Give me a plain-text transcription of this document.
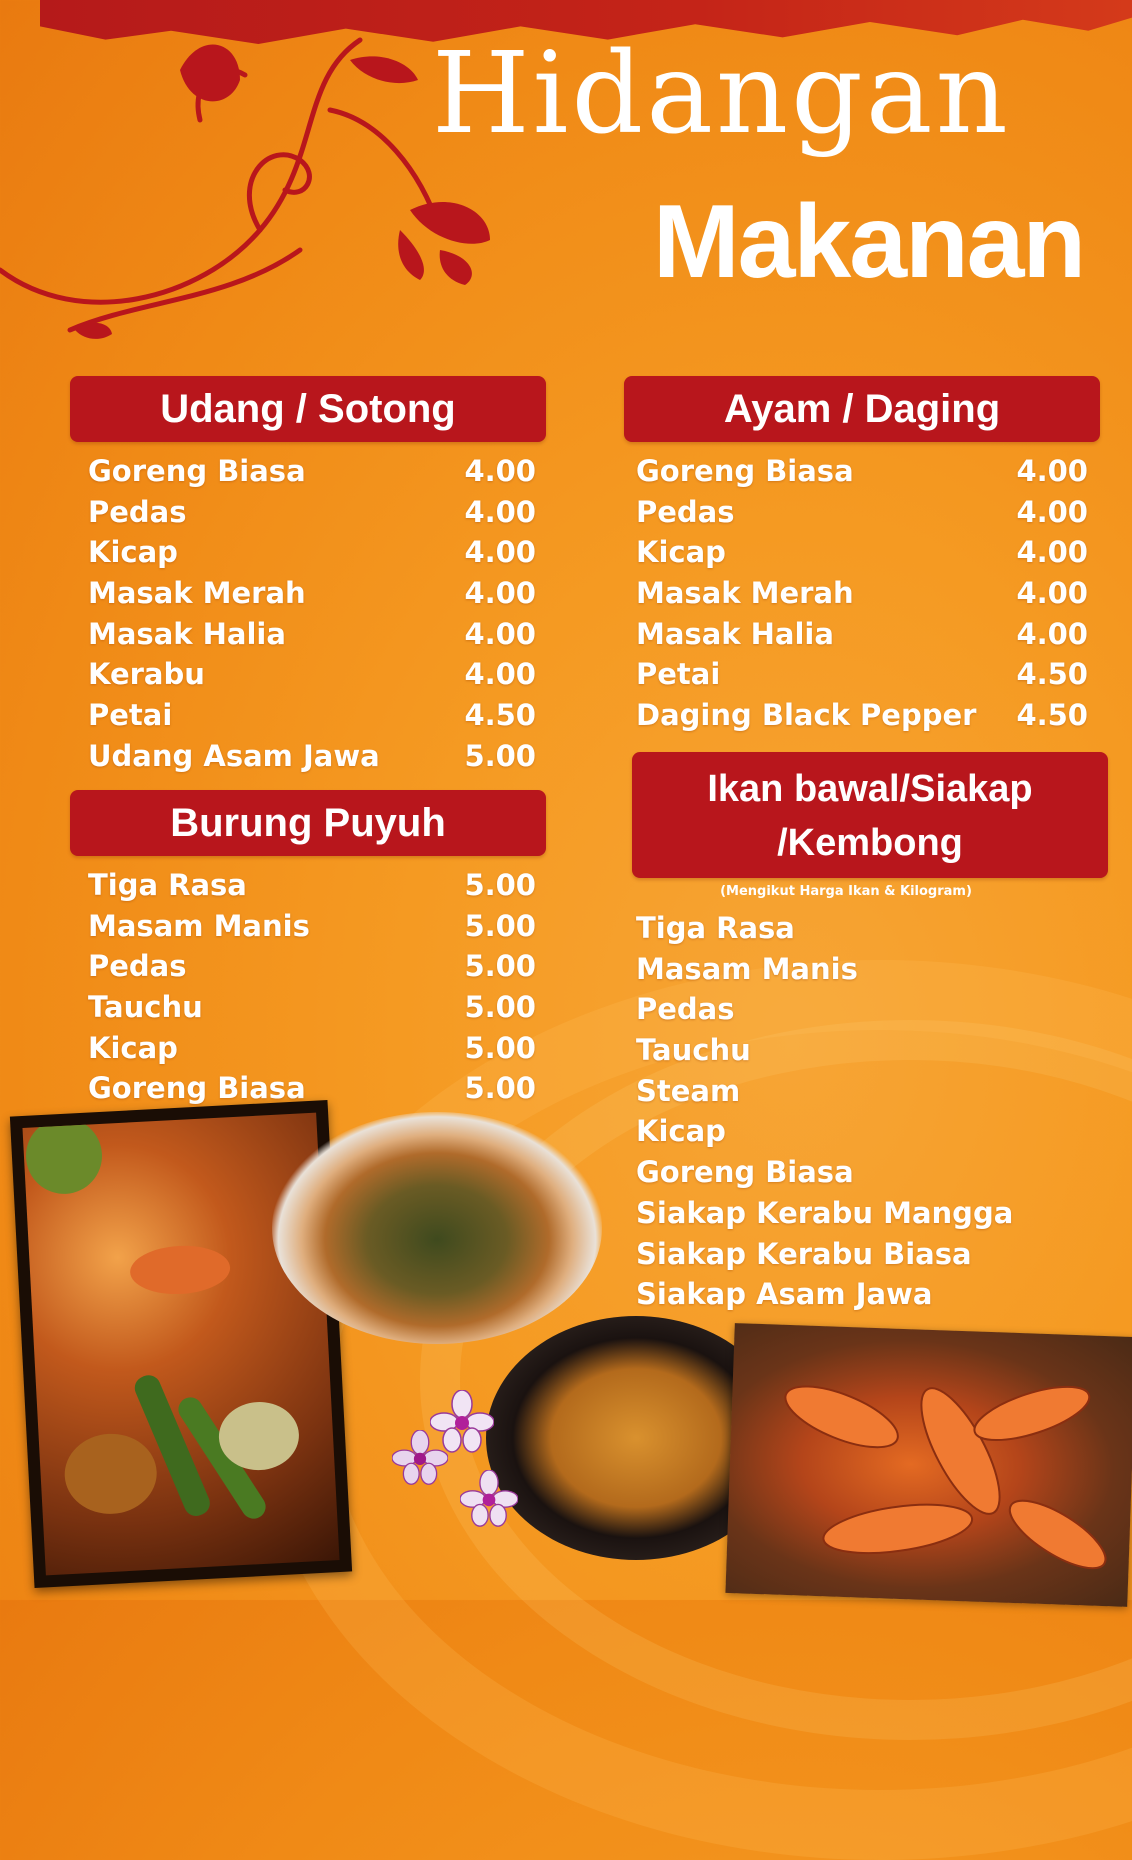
Hidangan
Makanan
Udang / Sotong
Goreng Biasa	4.00
Pedas	4.00
Kicap	4.00
Masak Merah	4.00
Masak Halia	4.00
Kerabu	4.00
Petai	4.50
Udang Asam Jawa	5.00
Burung Puyuh
Tiga Rasa	5.00
Masam Manis	5.00
Pedas	5.00
Tauchu	5.00
Kicap	5.00
Goreng Biasa	5.00
Ayam / Daging
Goreng Biasa	4.00
Pedas	4.00
Kicap	4.00
Masak Merah	4.00
Masak Halia	4.00
Petai	4.50
Daging Black Pepper 4.50
Ikan bawal/Siakap
/Kembong
(Mengikut Harga Ikan & Kilogram)
Tiga Rasa
Masam Manis
Pedas
Tauchu
Steam
Kicap
Goreng Biasa
Siakap Kerabu Mangga
Siakap Kerabu Biasa
Siakap Asam Jawa
